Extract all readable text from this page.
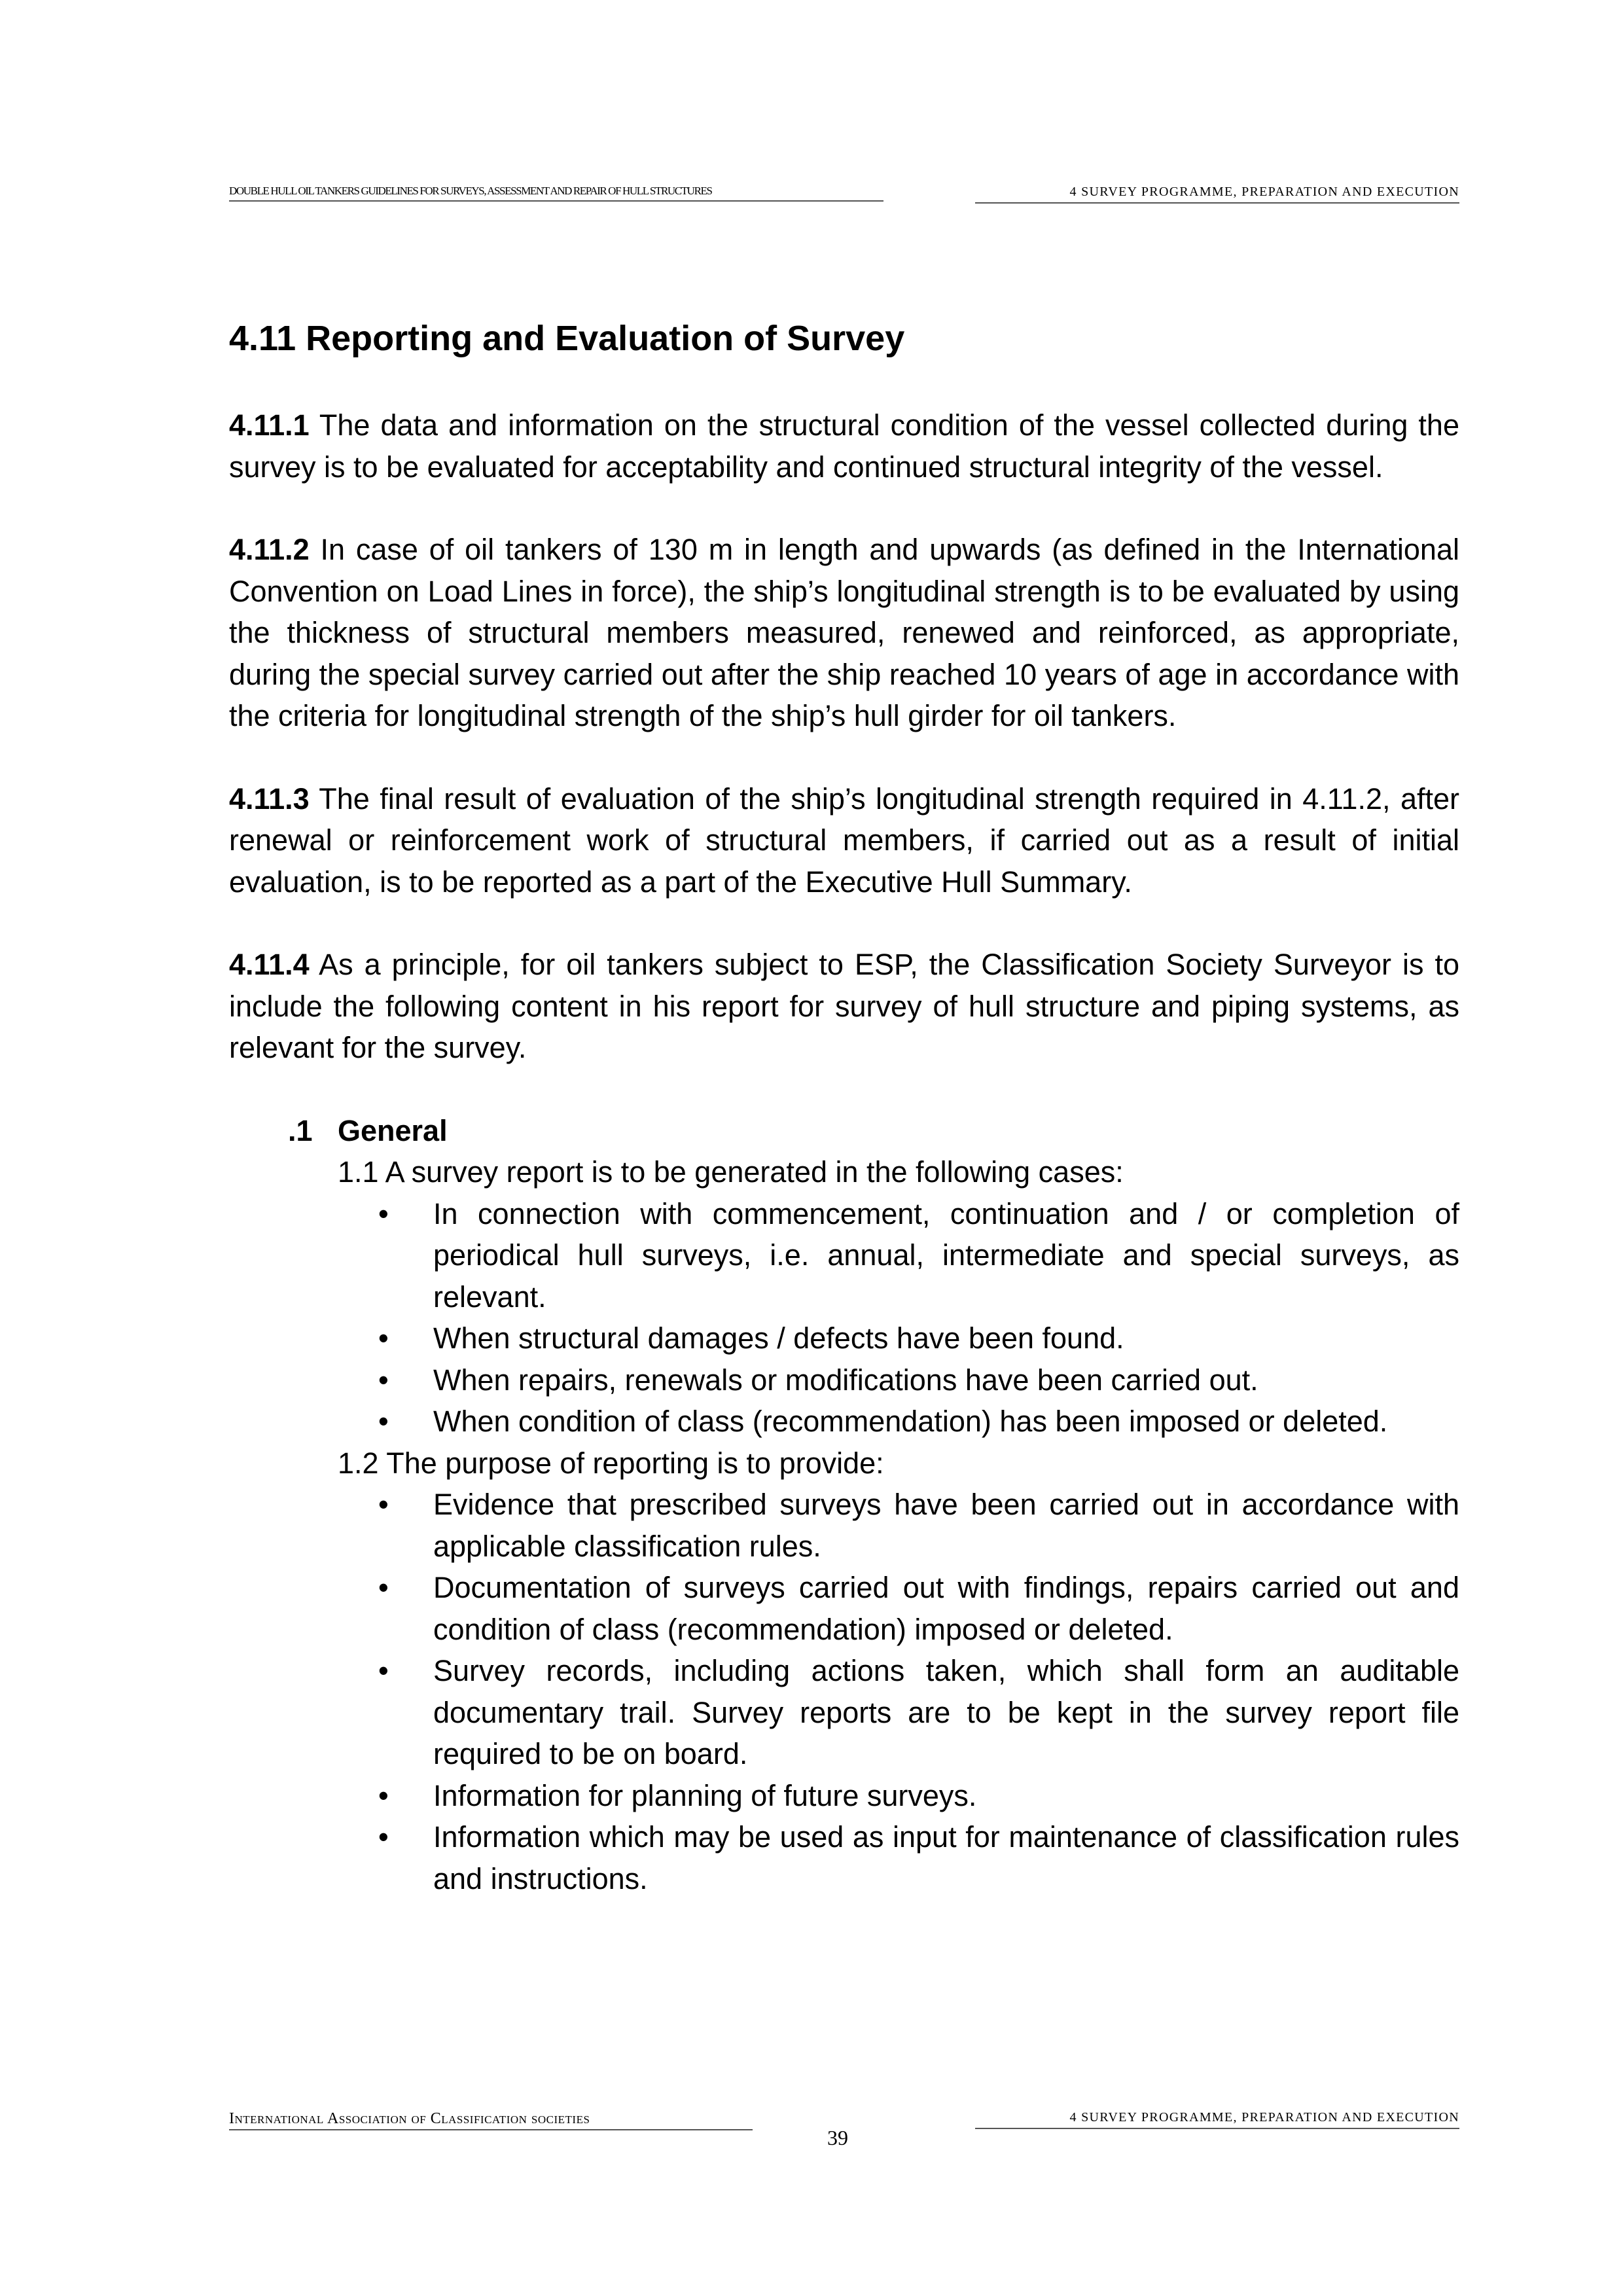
DOUBLE HULL OIL TANKERS GUIDELINES FOR SURVEYS, ASSESSMENT AND REPAIR OF HULL STRUCTURES	4 SURVEY PROGRAMME, PREPARATION AND EXECUTION
4.11 Reporting and Evaluation of Survey

4.11.1 The data and information on the structural condition of the vessel collected during the survey is to be evaluated for acceptability and continued structural integrity of the vessel.

4.11.2 In case of oil tankers of 130 m in length and upwards (as defined in the International Convention on Load Lines in force), the ship’s longitudinal strength is to be evaluated by using the thickness of structural members measured, renewed and reinforced, as appropriate, during the special survey carried out after the ship reached 10 years of age in accordance with the criteria for longitudinal strength of the ship’s hull girder for oil tankers.

4.11.3 The final result of evaluation of the ship’s longitudinal strength required in 4.11.2, after renewal or reinforcement work of structural members, if carried out as a result of initial evaluation, is to be reported as a part of the Executive Hull Summary.

4.11.4 As a principle, for oil tankers subject to ESP, the Classification Society Surveyor is to include the following content in his report for survey of hull structure and piping systems, as relevant for the survey.

.1 General
1.1 A survey report is to be generated in the following cases:
• In connection with commencement, continuation and / or completion of periodical hull surveys, i.e. annual, intermediate and special surveys, as relevant.
• When structural damages / defects have been found.
• When repairs, renewals or modifications have been carried out.
• When condition of class (recommendation) has been imposed or deleted.
1.2 The purpose of reporting is to provide:
• Evidence that prescribed surveys have been carried out in accordance with applicable classification rules.
• Documentation of surveys carried out with findings, repairs carried out and condition of class (recommendation) imposed or deleted.
• Survey records, including actions taken, which shall form an auditable documentary trail. Survey reports are to be kept in the survey report file required to be on board.
• Information for planning of future surveys.
• Information which may be used as input for maintenance of classification rules and instructions.
International Association of Classification societies	4 SURVEY PROGRAMME, PREPARATION AND EXECUTION
39
